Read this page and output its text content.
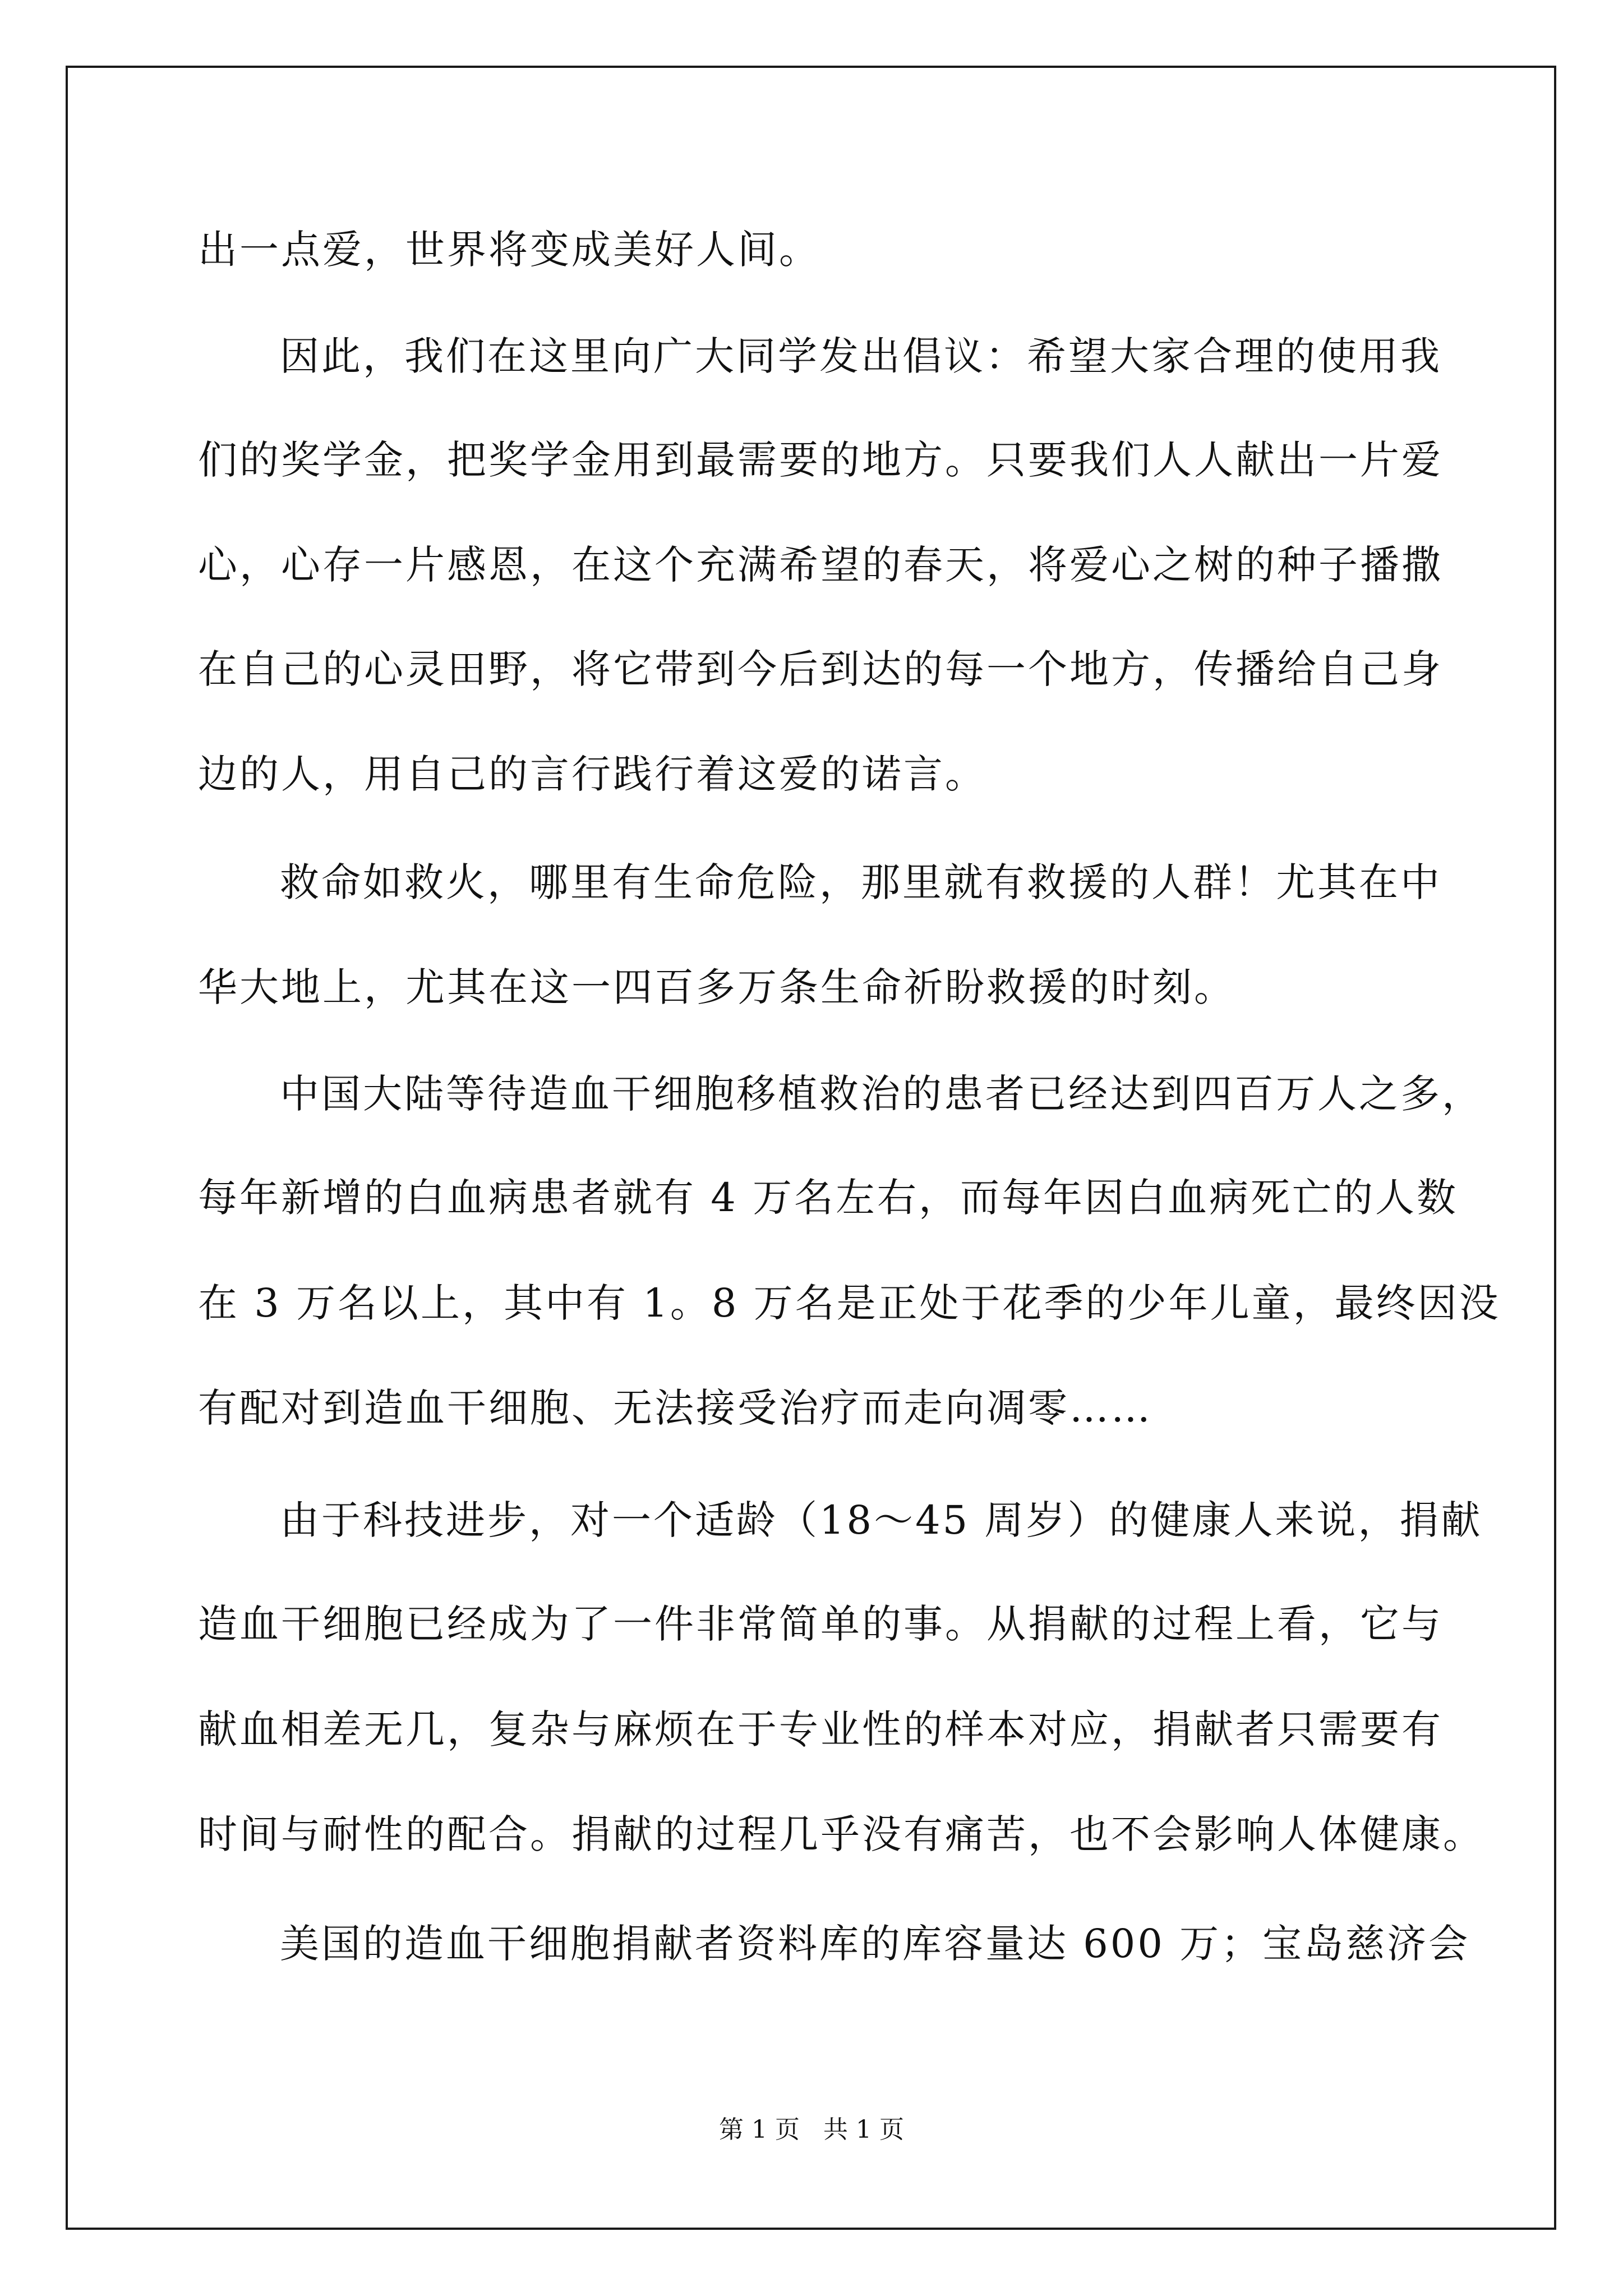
出一点爱，世界将变成美好人间。
因此，我们在这里向广大同学发出倡议：希望大家合理的使用我
们的奖学金，把奖学金用到最需要的地方。只要我们人人献出一片爱
心，心存一片感恩，在这个充满希望的春天，将爱心之树的种子播撒
在自己的心灵田野，将它带到今后到达的每一个地方，传播给自己身
边的人，用自己的言行践行着这爱的诺言。
救命如救火，哪里有生命危险，那里就有救援的人群！尤其在中
华大地上，尤其在这一四百多万条生命祈盼救援的时刻。
中国大陆等待造血干细胞移植救治的患者已经达到四百万人之多，
每年新增的白血病患者就有 4 万名左右，而每年因白血病死亡的人数
在 3 万名以上，其中有 1。8 万名是正处于花季的少年儿童，最终因没
有配对到造血干细胞、无法接受治疗而走向凋零……
由于科技进步，对一个适龄（18～45 周岁）的健康人来说，捐献
造血干细胞已经成为了一件非常简单的事。从捐献的过程上看，它与
献血相差无几，复杂与麻烦在于专业性的样本对应，捐献者只需要有
时间与耐性的配合。捐献的过程几乎没有痛苦，也不会影响人体健康。
美国的造血干细胞捐献者资料库的库容量达 600 万；宝岛慈济会
第 1 页   共 1 页
